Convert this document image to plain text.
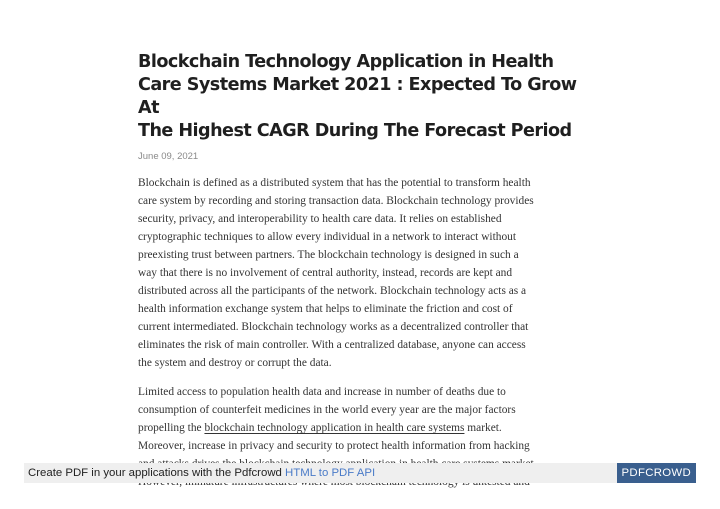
Blockchain Technology Application in Health
Care Systems Market 2021 : Expected To Grow At
The Highest CAGR During The Forecast Period
June 09, 2021

Blockchain is defined as a distributed system that has the potential to transform health
care system by recording and storing transaction data. Blockchain technology provides
security, privacy, and interoperability to health care data. It relies on established
cryptographic techniques to allow every individual in a network to interact without
preexisting trust between partners. The blockchain technology is designed in such a
way that there is no involvement of central authority, instead, records are kept and
distributed across all the participants of the network. Blockchain technology acts as a
health information exchange system that helps to eliminate the friction and cost of
current intermediated. Blockchain technology works as a decentralized controller that
eliminates the risk of main controller. With a centralized database, anyone can access
the system and destroy or corrupt the data.

Limited access to population health data and increase in number of deaths due to
consumption of counterfeit medicines in the world every year are the major factors
propelling the blockchain technology application in health care systems market.
Moreover, increase in privacy and security to protect health information from hacking

Create PDF in your applications with the Pdfcrowd HTML to PDF API	PDFCROWD
